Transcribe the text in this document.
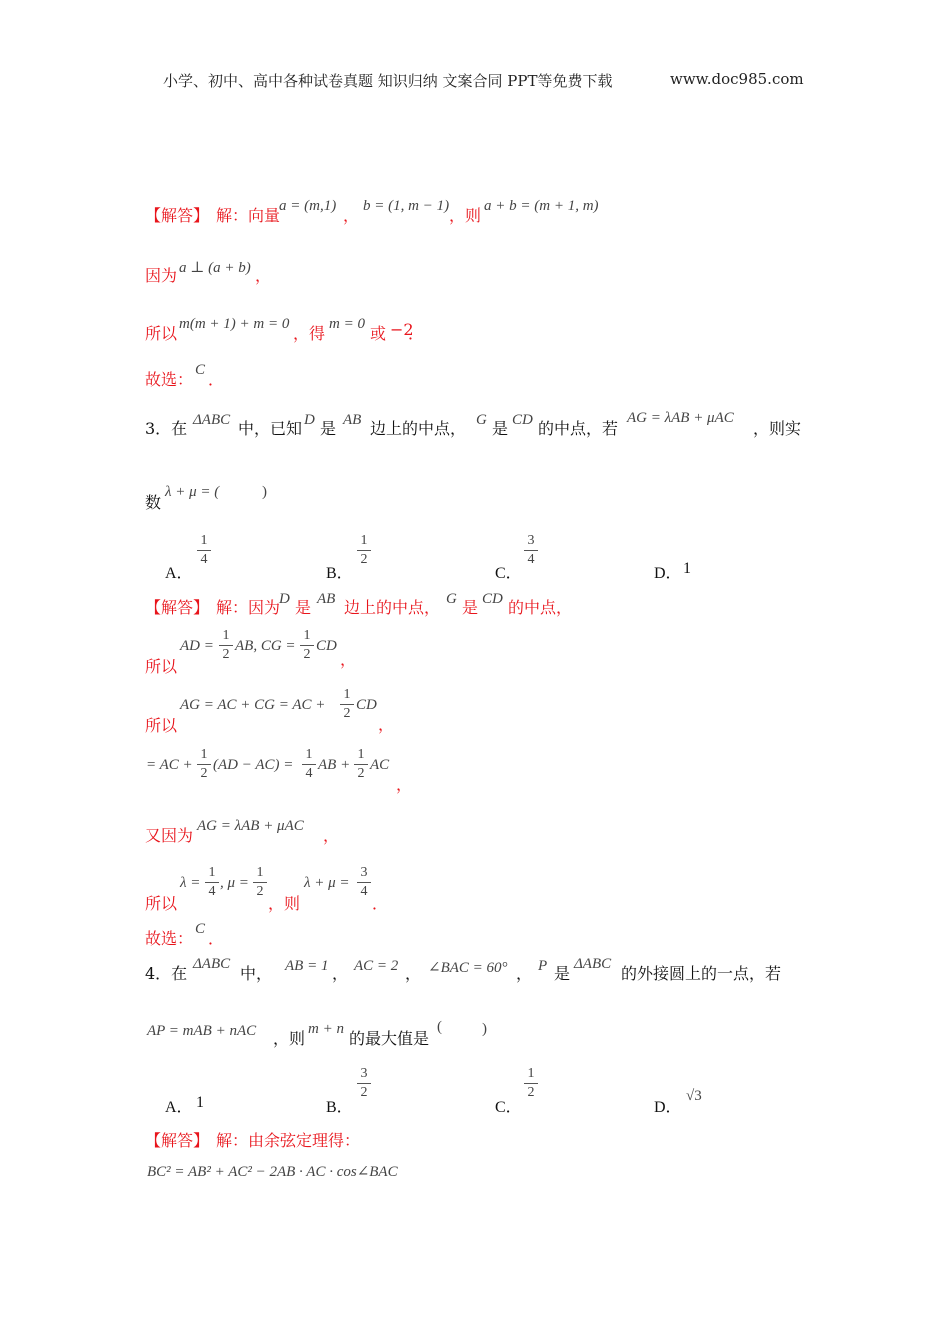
小学、初中、高中各种试卷真题 知识归纳 文案合同 PPT等免费下载	www.doc985.com
【解答】 解：向量
a = (m,1) ， b = (1, m − 1) ，则 a + b = (m + 1, m)
因为 a ⊥ (a + b) ，
所以 m(m + 1) + m = 0 ，得 m = 0 或 −2
．
故选： C ．
3．在 ΔABC 中，已知 D 是 AB 边上的中点， G 是 CD 的中点，若
AG = λAB + μAC
，则实
数
λ + μ = (	)
A．
1
4
B．
1
2
C．
3
4
D． 1
【解答】 解：因为
D 是 AB 边上的中点， G 是 CD 的中点，
所以
AD =
1
2
AB, CG =
1
2
CD
，
所以
AG = AC + CG = AC +
1
2
CD
，
= AC +
1
2
(AD − AC) =
1
4
AB +
1
2
AC
，
又因为 AG = λAB + μAC ，
所以
λ =
1
4
, μ =
1
2
，则
λ + μ =
3
4
．
故选： C ．
4．在 ΔABC 中， AB = 1 ， AC = 2 ， ∠BAC = 60° ， P 是 ΔABC 的外接圆上的一点，若
AP = mAB + nAC ，则 m + n 的最大值是
(	)
A． 1	B．
3
2
C．
1
2
D．
√3
【解答】 解：由余弦定理得：
BC² = AB² + AC² − 2AB · AC · cos∠BAC
